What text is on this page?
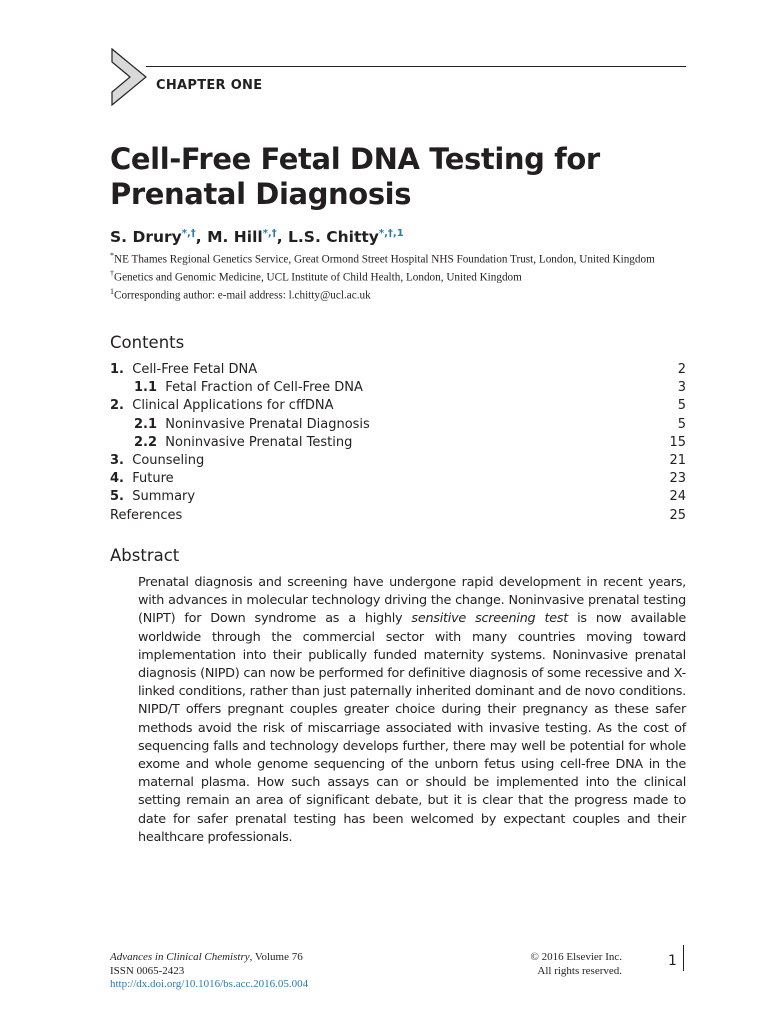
CHAPTER ONE
Cell-Free Fetal DNA Testing for
Prenatal Diagnosis
S. Drury*,†, M. Hill*,†, L.S. Chitty$^{*,\dagger,1}$
*NE Thames Regional Genetics Service, Great Ormond Street Hospital NHS Foundation Trust, London, United Kingdom
†Genetics and Genomic Medicine, UCL Institute of Child Health, London, United Kingdom
$^1$Corresponding author: e-mail address: l.chitty@ucl.ac.uk
Contents
1. Cell-Free Fetal DNA	2
1.1 Fetal Fraction of Cell-Free DNA	3
2. Clinical Applications for cffDNA	5
2.1 Noninvasive Prenatal Diagnosis	5
2.2 Noninvasive Prenatal Testing	15
3. Counseling	21
4. Future	23
5. Summary	24
References	25
Abstract

Prenatal diagnosis and screening have undergone rapid development in recent years, with advances in molecular technology driving the change. Noninvasive prenatal testing (NIPT) for Down syndrome as a highly sensitive screening test is now available worldwide through the commercial sector with many countries moving toward implementation into their publically funded maternity systems. Noninvasive prenatal diagnosis (NIPD) can now be performed for definitive diagnosis of some recessive and X-linked conditions, rather than just paternally inherited dominant and de novo conditions. NIPD/T offers pregnant couples greater choice during their pregnancy as these safer methods avoid the risk of miscarriage associated with invasive testing. As the cost of sequencing falls and technology develops further, there may well be potential for whole exome and whole genome sequencing of the unborn fetus using cell-free DNA in the maternal plasma. How such assays can or should be implemented into the clinical setting remain an area of significant debate, but it is clear that the progress made to date for safer prenatal testing has been welcomed by expectant couples and their healthcare professionals.

Advances in Clinical Chemistry, Volume 76
ISSN 0065-2423
http://dx.doi.org/10.1016/bs.acc.2016.05.004
© 2016 Elsevier Inc.
All rights reserved.
1
